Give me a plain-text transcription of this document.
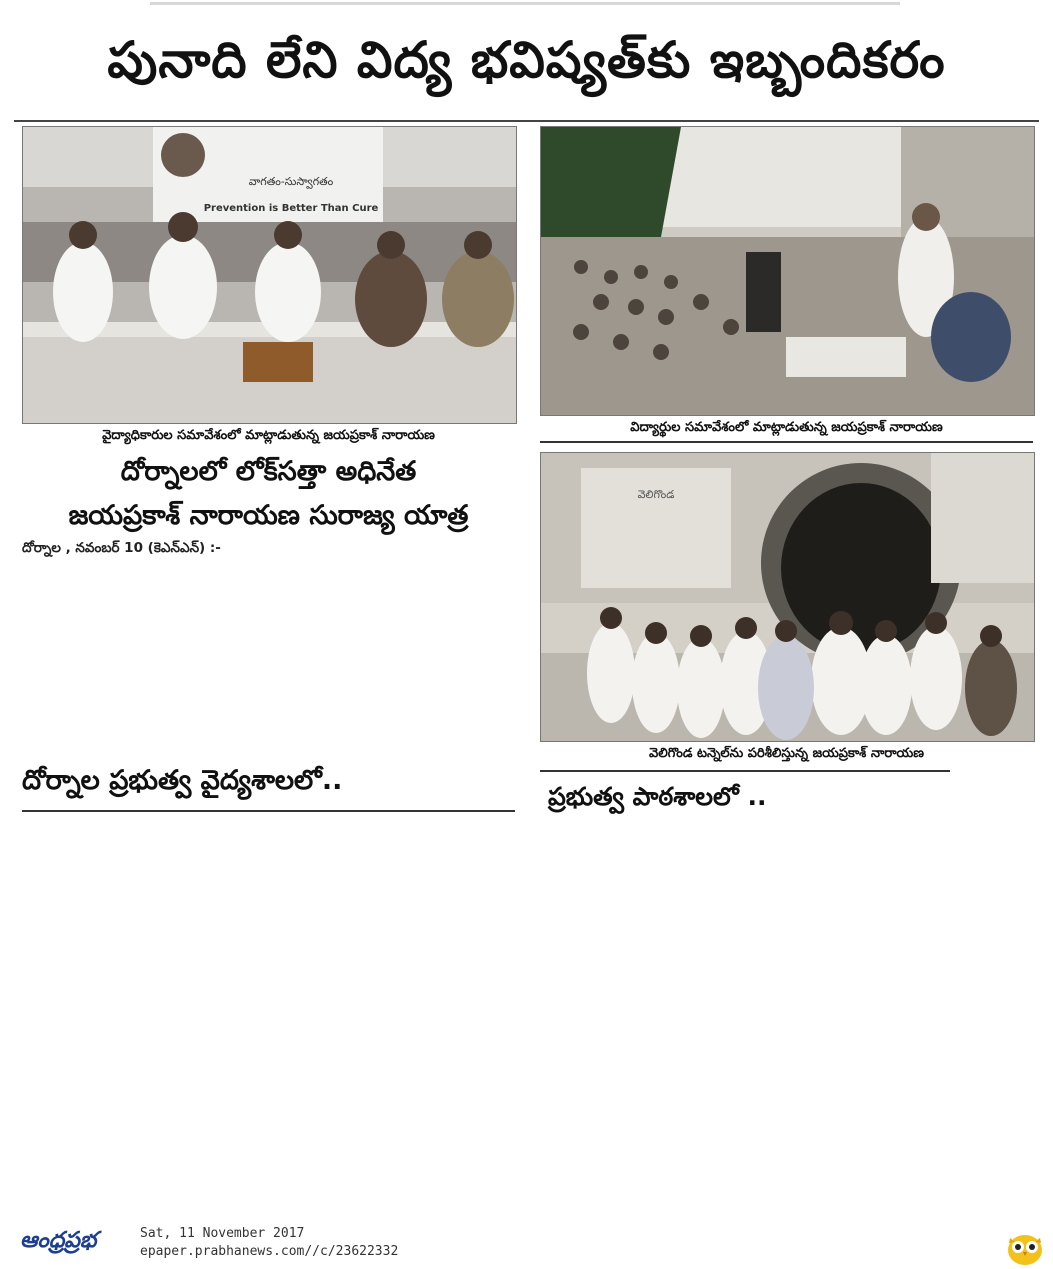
పునాది లేని విద్య భవిష్యత్‌కు ఇబ్బందికరం
వాగతం-సుస్వాగతం
Prevention is Better Than Cure
వైద్యాధికారుల సమావేశంలో మాట్లాడుతున్న జయప్రకాశ్ నారాయణ
విద్యార్థుల సమావేశంలో మాట్లాడుతున్న జయప్రకాశ్ నారాయణ
వెలిగొండ
వెలిగొండ టన్నెల్‌ను పరిశీలిస్తున్న జయప్రకాశ్ నారాయణ
దోర్నాలలో లోక్‌సత్తా అధినేత
జయప్రకాశ్ నారాయణ సురాజ్య యాత్ర
దోర్నాల , నవంబర్ 10 (కెఎన్ఎన్) :-
దోర్నాల ప్రభుత్వ వైద్యశాలలో..
ప్రభుత్వ పాఠశాలలో ..
ఆంధ్రప్రభ	Sat, 11 November 2017
epaper.prabhanews.com//c/23622332
